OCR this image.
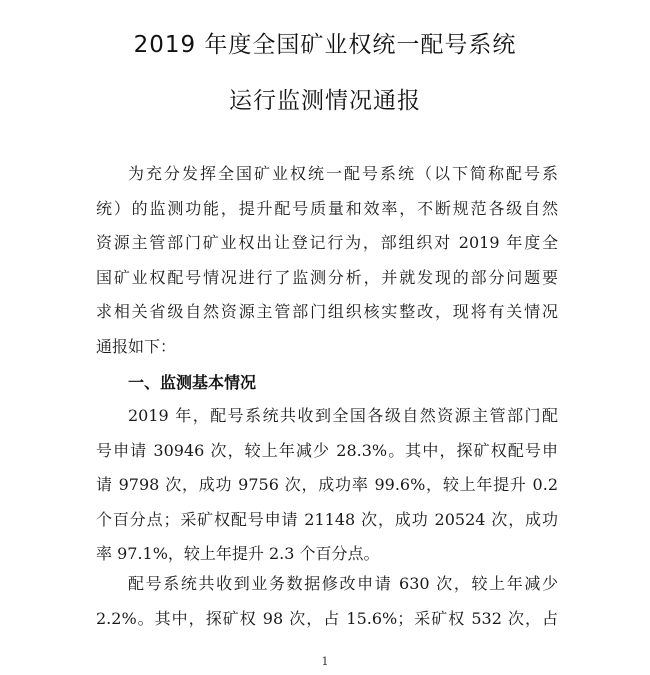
2019 年度全国矿业权统一配号系统
运行监测情况通报
为充分发挥全国矿业权统一配号系统（以下简称配号系
统）的监测功能，提升配号质量和效率，不断规范各级自然
资源主管部门矿业权出让登记行为，部组织对 2019 年度全
国矿业权配号情况进行了监测分析，并就发现的部分问题要
求相关省级自然资源主管部门组织核实整改，现将有关情况
通报如下：
一、监测基本情况
2019 年，配号系统共收到全国各级自然资源主管部门配
号申请 30946 次，较上年减少 28.3%。其中，探矿权配号申
请 9798 次，成功 9756 次，成功率 99.6%，较上年提升 0.2
个百分点；采矿权配号申请 21148 次，成功 20524 次，成功
率 97.1%，较上年提升 2.3 个百分点。
配号系统共收到业务数据修改申请 630 次，较上年减少
2.2%。其中，探矿权 98 次，占 15.6%；采矿权 532 次，占
1
